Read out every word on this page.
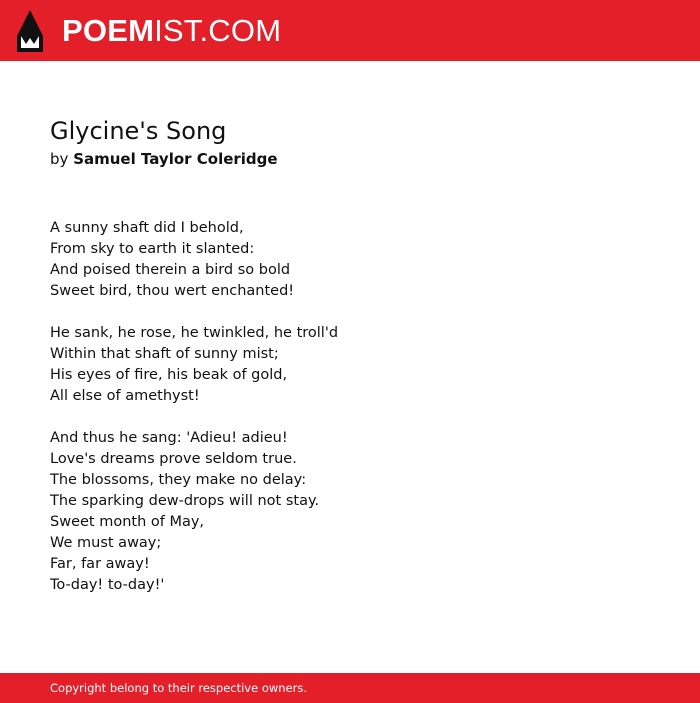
POEMIST.COM
Glycine's Song
by Samuel Taylor Coleridge
A sunny shaft did I behold,
From sky to earth it slanted:
And poised therein a bird so bold
Sweet bird, thou wert enchanted!
He sank, he rose, he twinkled, he troll'd
Within that shaft of sunny mist;
His eyes of fire, his beak of gold,
All else of amethyst!
And thus he sang: 'Adieu! adieu!
Love's dreams prove seldom true.
The blossoms, they make no delay:
The sparking dew-drops will not stay.
Sweet month of May,
We must away;
Far, far away!
To-day! to-day!'
Copyright belong to their respective owners.
